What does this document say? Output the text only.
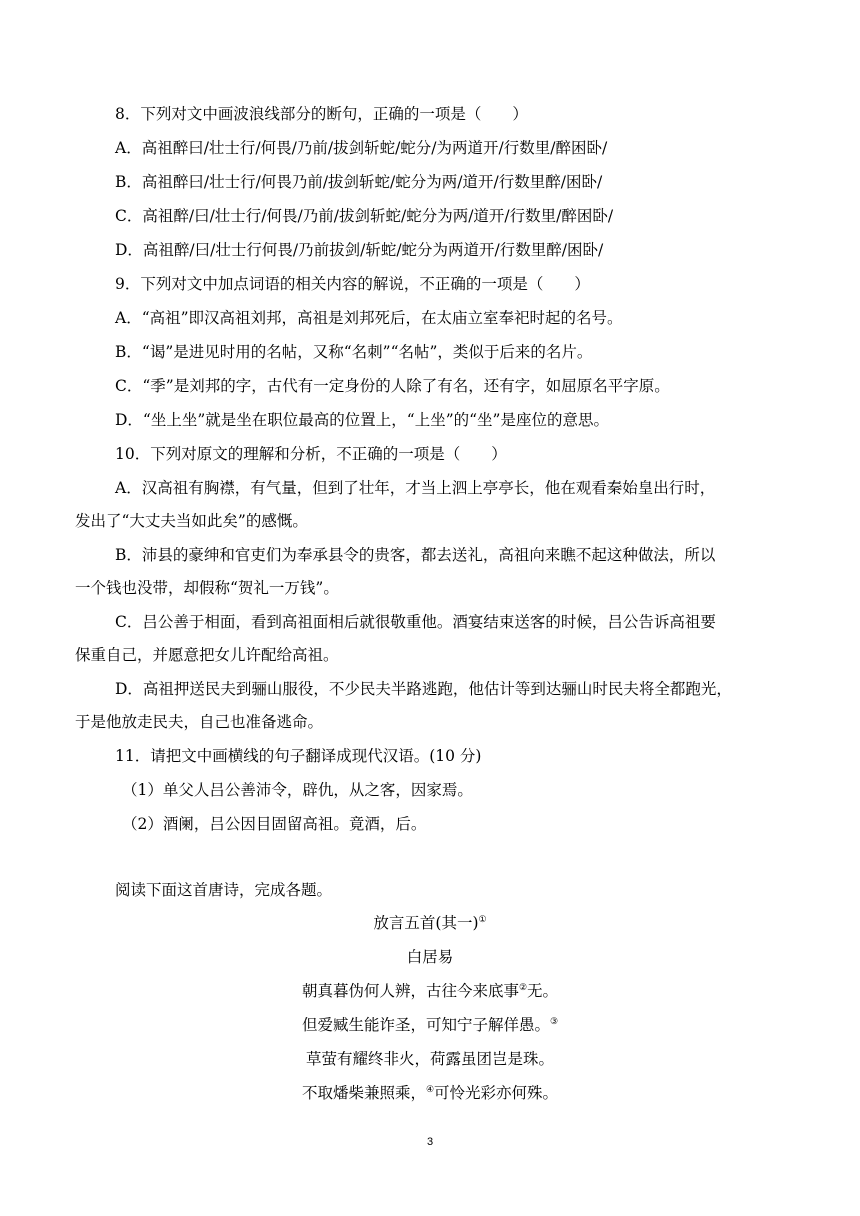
8．下列对文中画波浪线部分的断句，正确的一项是（　　）
A．高祖醉曰/壮士行/何畏/乃前/拔剑斩蛇/蛇分/为两道开/行数里/醉困卧/
B．高祖醉曰/壮士行/何畏乃前/拔剑斩蛇/蛇分为两/道开/行数里醉/困卧/
C．高祖醉/曰/壮士行/何畏/乃前/拔剑斩蛇/蛇分为两/道开/行数里/醉困卧/
D．高祖醉/曰/壮士行何畏/乃前拔剑/斩蛇/蛇分为两道开/行数里醉/困卧/
9．下列对文中加点词语的相关内容的解说，不正确的一项是（　　）
A．“高祖”即汉高祖刘邦，高祖是刘邦死后，在太庙立室奉祀时起的名号。
B．“谒”是进见时用的名帖，又称“名刺”“名帖”，类似于后来的名片。
C．“季”是刘邦的字，古代有一定身份的人除了有名，还有字，如屈原名平字原。
D．“坐上坐”就是坐在职位最高的位置上，“上坐”的“坐”是座位的意思。
10．下列对原文的理解和分析，不正确的一项是（　　）
A．汉高祖有胸襟，有气量，但到了壮年，才当上泗上亭亭长，他在观看秦始皇出行时，
发出了“大丈夫当如此矣”的感慨。
B．沛县的豪绅和官吏们为奉承县令的贵客，都去送礼，高祖向来瞧不起这种做法，所以
一个钱也没带，却假称“贺礼一万钱”。
C．吕公善于相面，看到高祖面相后就很敬重他。酒宴结束送客的时候，吕公告诉高祖要
保重自己，并愿意把女儿许配给高祖。
D．高祖押送民夫到骊山服役，不少民夫半路逃跑，他估计等到达骊山时民夫将全都跑光，
于是他放走民夫，自己也准备逃命。
11．请把文中画横线的句子翻译成现代汉语。(10 分)
（1）单父人吕公善沛令，辟仇，从之客，因家焉。
（2）酒阑，吕公因目固留高祖。竟酒，后。
阅读下面这首唐诗，完成各题。
放言五首(其一)①
白居易
朝真暮伪何人辨，古往今来底事②无。
但爱臧生能诈圣，可知宁子解佯愚。③
草萤有耀终非火，荷露虽团岂是珠。
不取燔柴兼照乘，④可怜光彩亦何殊。
3
